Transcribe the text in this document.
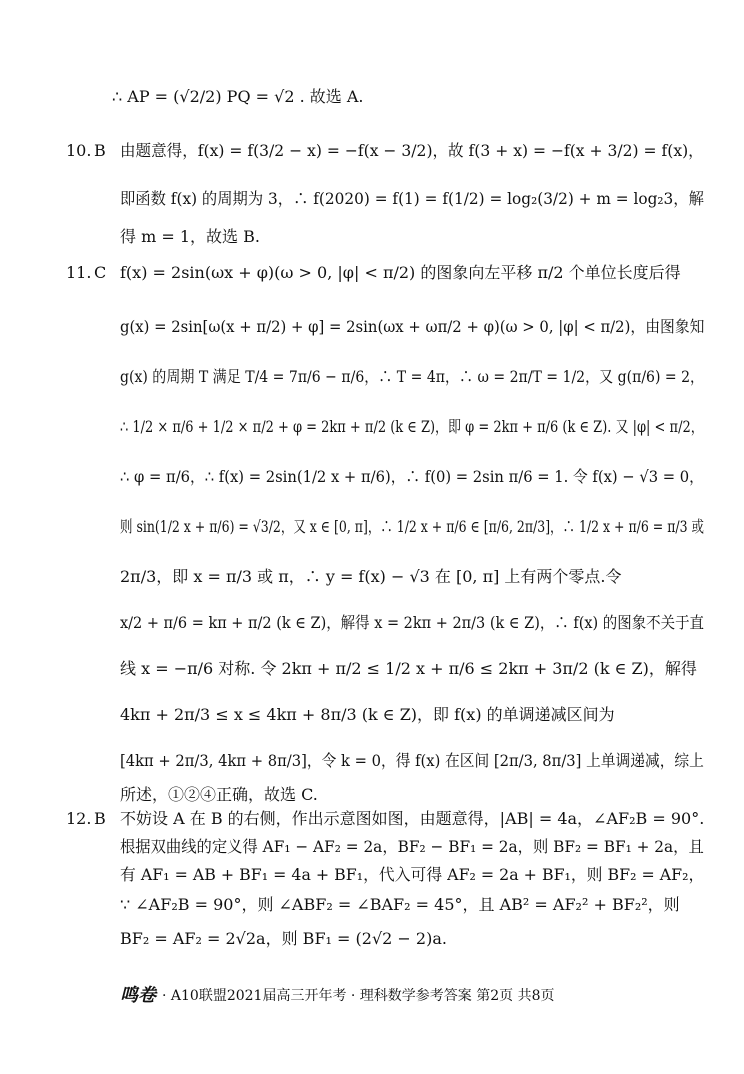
∴ AP = (√2/2) PQ = √2 . 故选 A.
10. B 由题意得，f(x) = f(3/2 − x) = −f(x − 3/2)，故 f(3 + x) = −f(x + 3/2) = f(x)，
即函数 f(x) 的周期为 3，∴ f(2020) = f(1) = f(1/2) = log₂(3/2) + m = log₂3，解
得 m = 1，故选 B.
11. C f(x) = 2sin(ωx + φ)(ω > 0, |φ| < π/2) 的图象向左平移 π/2 个单位长度后得
g(x) = 2sin[ω(x + π/2) + φ] = 2sin(ωx + ωπ/2 + φ)(ω > 0, |φ| < π/2)，由图象知
g(x) 的周期 T 满足 T/4 = 7π/6 − π/6，∴ T = 4π，∴ ω = 2π/T = 1/2，又 g(π/6) = 2，
∴ 1/2 × π/6 + 1/2 × π/2 + φ = 2kπ + π/2 (k ∈ Z)，即 φ = 2kπ + π/6 (k ∈ Z). 又 |φ| < π/2，
∴ φ = π/6，∴ f(x) = 2sin(1/2 x + π/6)，∴ f(0) = 2sin π/6 = 1. 令 f(x) − √3 = 0，
则 sin(1/2 x + π/6) = √3/2，又 x ∈ [0, π]，∴ 1/2 x + π/6 ∈ [π/6, 2π/3]，∴ 1/2 x + π/6 = π/3 或
2π/3，即 x = π/3 或 π，∴ y = f(x) − √3 在 [0, π] 上有两个零点.令
x/2 + π/6 = kπ + π/2 (k ∈ Z)，解得 x = 2kπ + 2π/3 (k ∈ Z)，∴ f(x) 的图象不关于直
线 x = −π/6 对称. 令 2kπ + π/2 ≤ 1/2 x + π/6 ≤ 2kπ + 3π/2 (k ∈ Z)，解得
4kπ + 2π/3 ≤ x ≤ 4kπ + 8π/3 (k ∈ Z)，即 f(x) 的单调递减区间为
[4kπ + 2π/3, 4kπ + 8π/3]，令 k = 0，得 f(x) 在区间 [2π/3, 8π/3] 上单调递减，综上
所述，①②④正确，故选 C.
12. B 不妨设 A 在 B 的右侧，作出示意图如图，由题意得，|AB| = 4a，∠AF₂B = 90°.
根据双曲线的定义得 AF₁ − AF₂ = 2a，BF₂ − BF₁ = 2a，则 BF₂ = BF₁ + 2a，且
有 AF₁ = AB + BF₁ = 4a + BF₁，代入可得 AF₂ = 2a + BF₁，则 BF₂ = AF₂，
∵ ∠AF₂B = 90°，则 ∠ABF₂ = ∠BAF₂ = 45°，且 AB² = AF₂² + BF₂²，则
BF₂ = AF₂ = 2√2a，则 BF₁ = (2√2 − 2)a.
鸣卷 · A10联盟2021届高三开年考 · 理科数学参考答案 第2页 共8页
